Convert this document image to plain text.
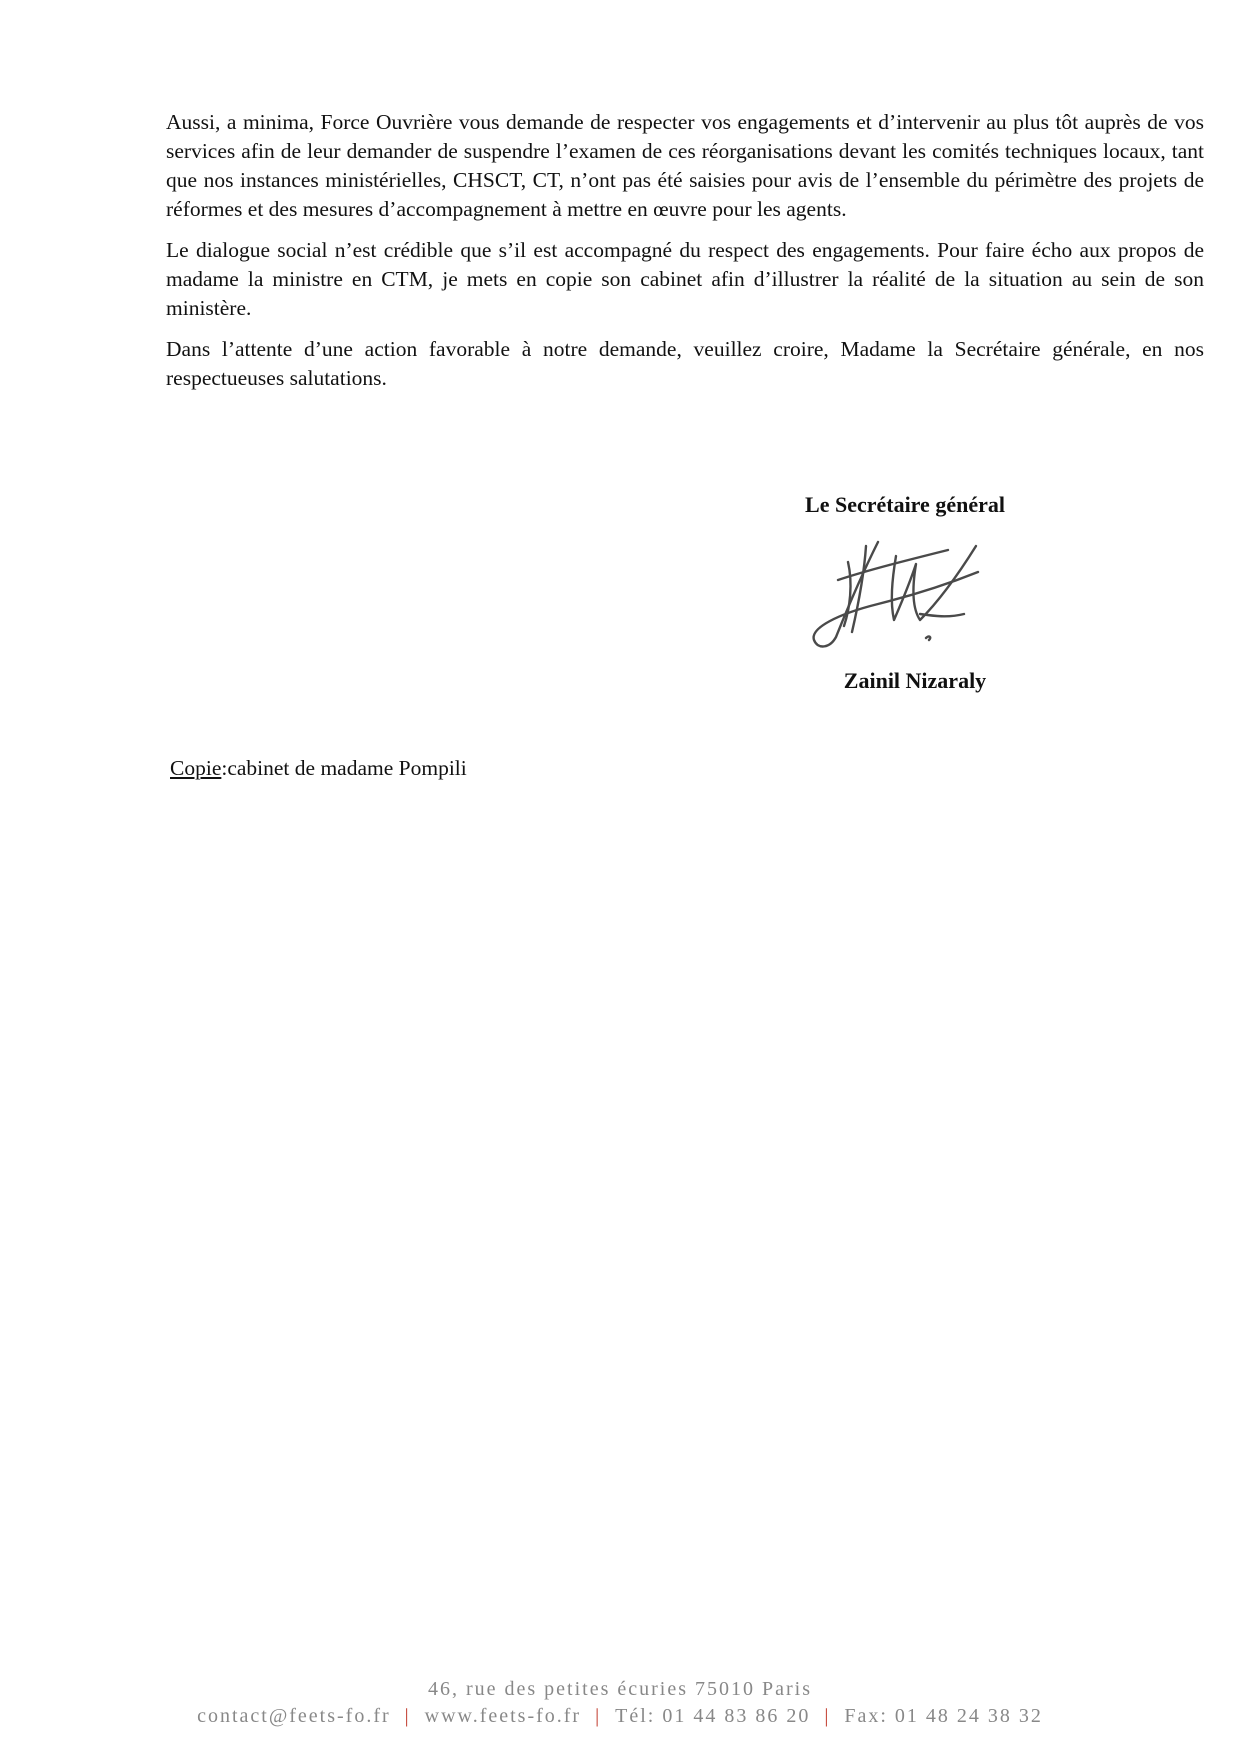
Aussi, a minima, Force Ouvrière vous demande de respecter vos engagements et d’intervenir au plus tôt auprès de vos services afin de leur demander de suspendre l’examen de ces réorganisations devant les comités techniques locaux, tant que nos instances ministérielles, CHSCT, CT, n’ont pas été saisies pour avis de l’ensemble du périmètre des projets de réformes et des mesures d’accompagnement à mettre en œuvre pour les agents.

Le dialogue social n’est crédible que s’il est accompagné du respect des engagements. Pour faire écho aux propos de madame la ministre en CTM, je mets en copie son cabinet afin d’illustrer la réalité de la situation au sein de son ministère.

Dans l’attente d’une action favorable à notre demande, veuillez croire, Madame la Secrétaire générale, en nos respectueuses salutations.

Le Secrétaire général
Zainil Nizaraly
Copie:cabinet de madame Pompili
46, rue des petites écuries 75010 Paris
contact@feets-fo.fr | www.feets-fo.fr | Tél: 01 44 83 86 20 | Fax: 01 48 24 38 32
